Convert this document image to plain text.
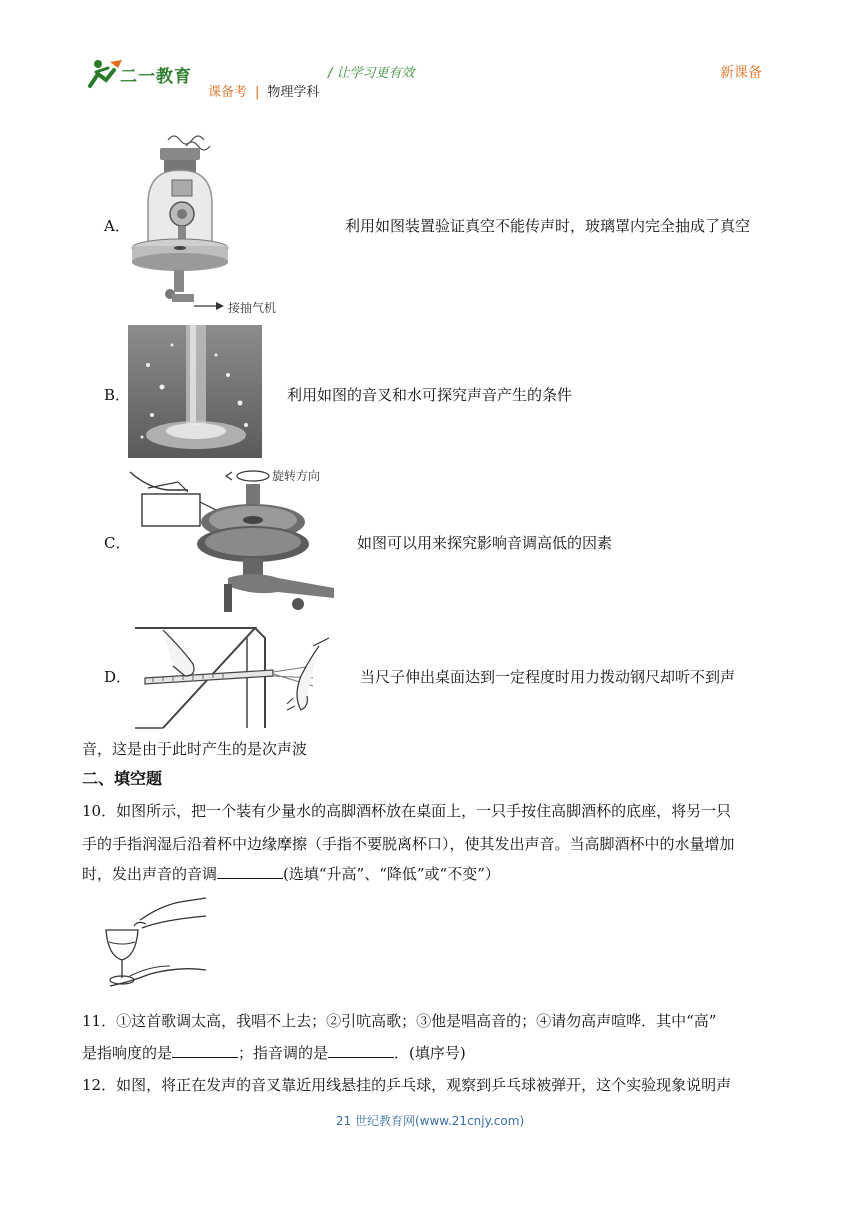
二一教育	/ 让学习更有效	新课备
课备考 | 物理学科
接抽气机
A．	利用如图装置验证真空不能传声时，玻璃罩内完全抽成了真空
B．	利用如图的音叉和水可探究声音产生的条件
旋转方向
C．	如图可以用来探究影响音调高低的因素
D．	当尺子伸出桌面达到一定程度时用力拨动钢尺却听不到声
音，这是由于此时产生的是次声波
二、填空题
10．如图所示，把一个装有少量水的高脚酒杯放在桌面上，一只手按住高脚酒杯的底座，将另一只
手的手指润湿后沿着杯中边缘摩擦（手指不要脱离杯口），使其发出声音。当高脚酒杯中的水量增加
时，发出声音的音调	(选填“升高”、“降低”或“不变”）
11．①这首歌调太高，我唱不上去；②引吭高歌；③他是唱高音的；④请勿高声喧哗．其中“高”
是指响度的是	；指音调的是	．(填序号)
12．如图，将正在发声的音叉靠近用线悬挂的乒乓球，观察到乒乓球被弹开，这个实验现象说明声
21 世纪教育网(www.21cnjy.com)
